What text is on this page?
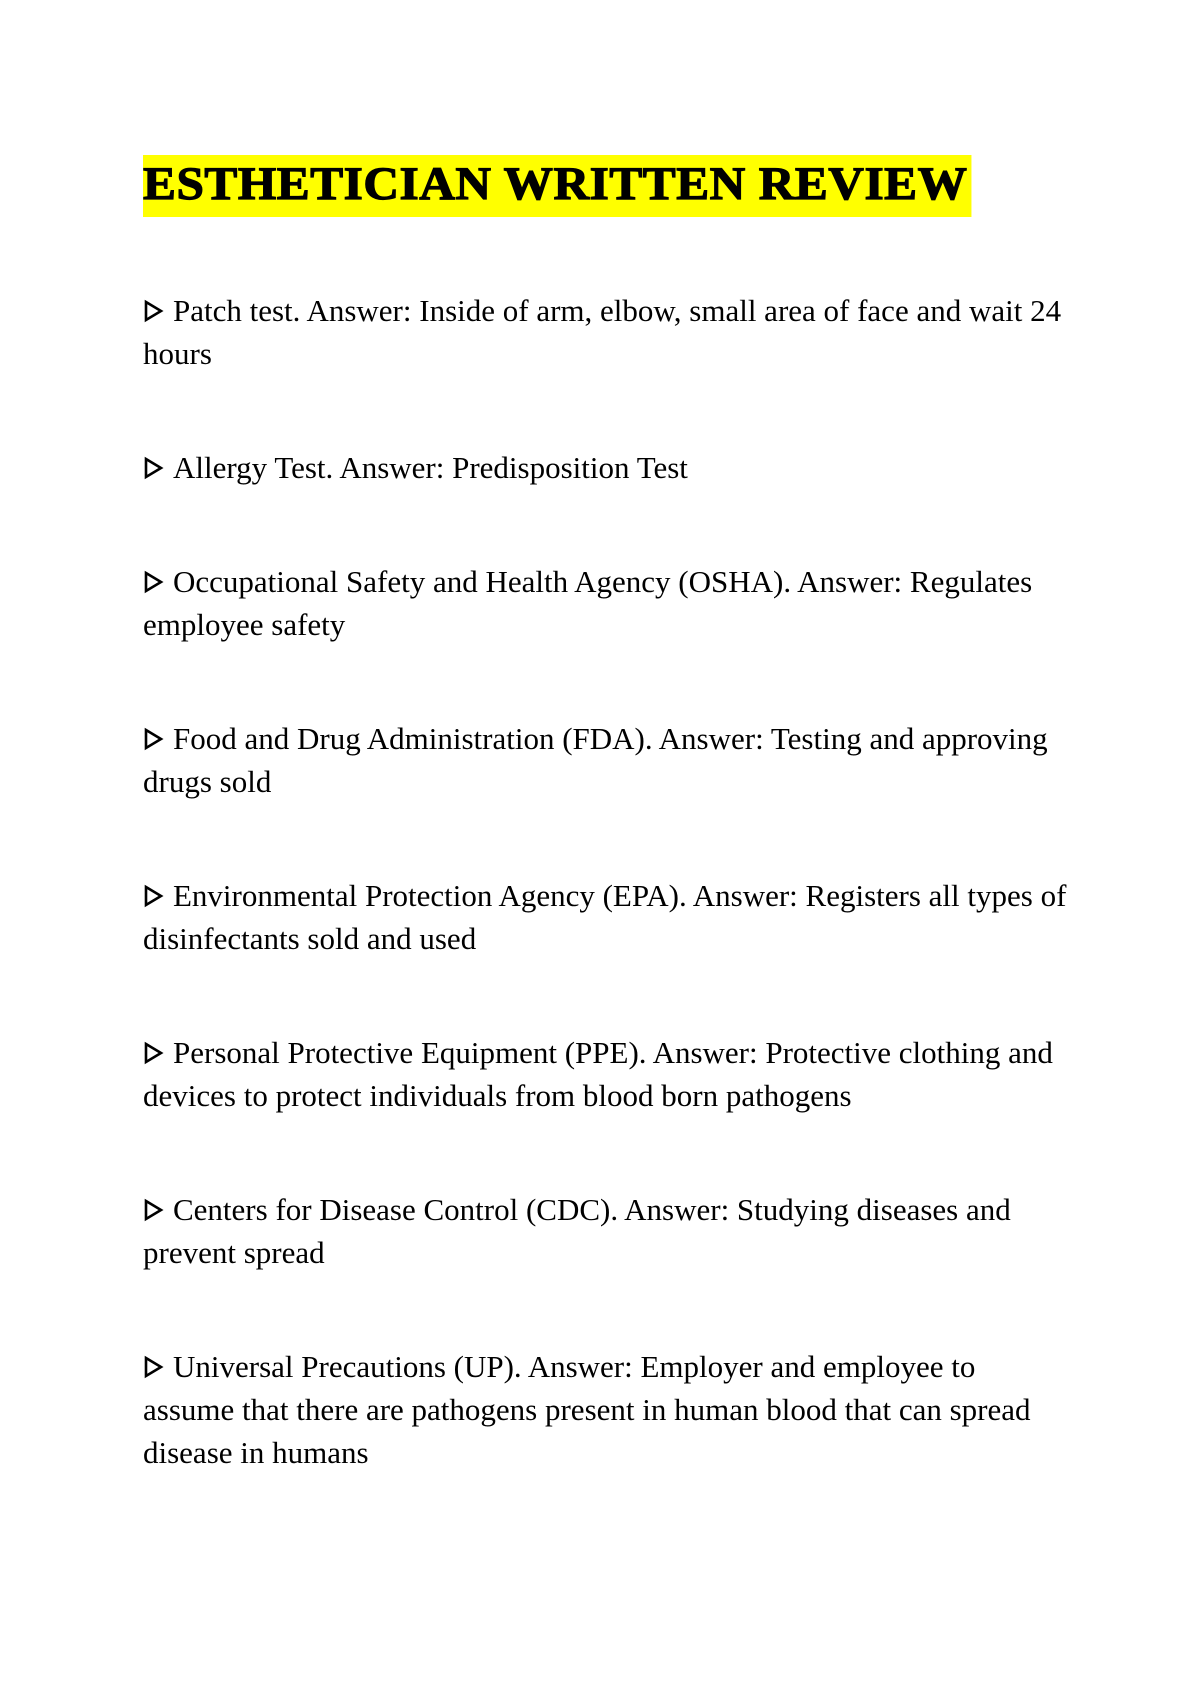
ESTHETICIAN WRITTEN REVIEW
Patch test. Answer: Inside of arm, elbow, small area of face and wait 24 hours
Allergy Test. Answer: Predisposition Test
Occupational Safety and Health Agency (OSHA). Answer: Regulates employee safety
Food and Drug Administration (FDA). Answer: Testing and approving drugs sold
Environmental Protection Agency (EPA). Answer: Registers all types of disinfectants sold and used
Personal Protective Equipment (PPE). Answer: Protective clothing and devices to protect individuals from blood born pathogens
Centers for Disease Control (CDC). Answer: Studying diseases and prevent spread
Universal Precautions (UP). Answer: Employer and employee to assume that there are pathogens present in human blood that can spread disease in humans
